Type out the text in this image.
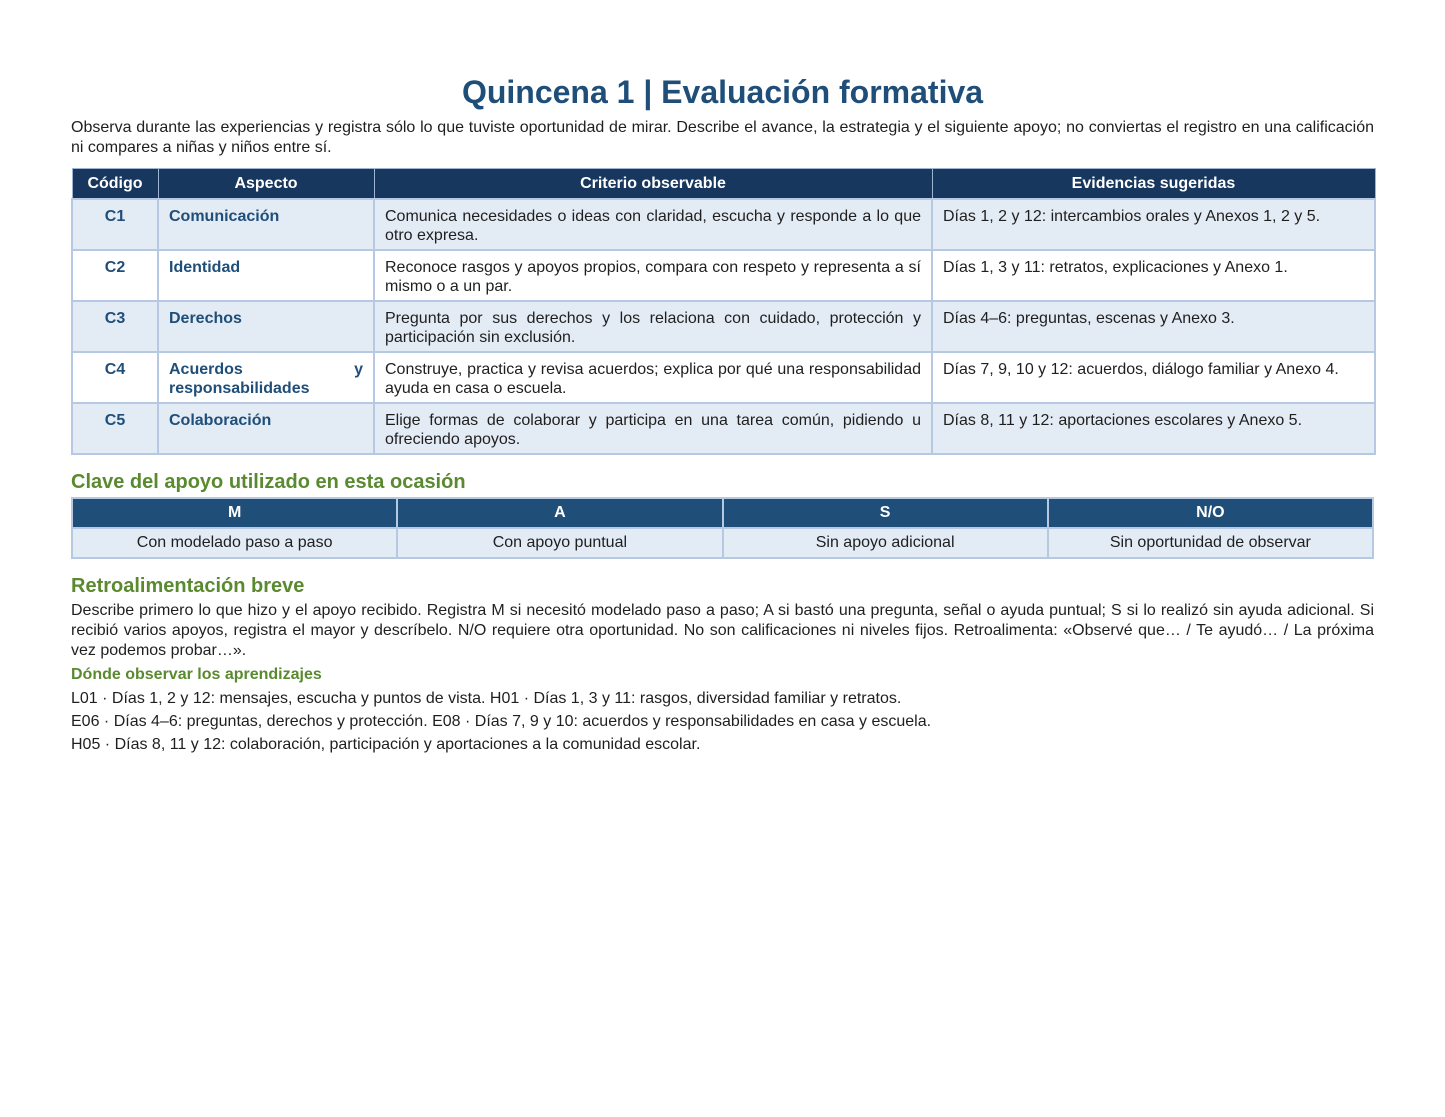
Quincena 1 | Evaluación formativa

Observa durante las experiencias y registra sólo lo que tuviste oportunidad de mirar. Describe el avance, la estrategia y el siguiente apoyo; no conviertas el registro en una calificación ni compares a niñas y niños entre sí.

Código	Aspecto	Criterio observable	Evidencias sugeridas
C1	Comunicación	Comunica necesidades o ideas con claridad, escucha y responde a lo que otro expresa.	Días 1, 2 y 12: intercambios orales y Anexos 1, 2 y 5.
C2	Identidad	Reconoce rasgos y apoyos propios, compara con respeto y representa a sí mismo o a un par.	Días 1, 3 y 11: retratos, explicaciones y Anexo 1.
C3	Derechos	Pregunta por sus derechos y los relaciona con cuidado, protección y participación sin exclusión.	Días 4–6: preguntas, escenas y Anexo 3.
C4	Acuerdos y responsabilidades	Construye, practica y revisa acuerdos; explica por qué una responsabilidad ayuda en casa o escuela.	Días 7, 9, 10 y 12: acuerdos, diálogo familiar y Anexo 4.
C5	Colaboración	Elige formas de colaborar y participa en una tarea común, pidiendo u ofreciendo apoyos.	Días 8, 11 y 12: aportaciones escolares y Anexo 5.
Clave del apoyo utilizado en esta ocasión
M	A	S	N/O
Con modelado paso a paso	Con apoyo puntual	Sin apoyo adicional	Sin oportunidad de observar
Retroalimentación breve

Describe primero lo que hizo y el apoyo recibido. Registra M si necesitó modelado paso a paso; A si bastó una pregunta, señal o ayuda puntual; S si lo realizó sin ayuda adicional. Si recibió varios apoyos, registra el mayor y descríbelo. N/O requiere otra oportunidad. No son calificaciones ni niveles fijos. Retroalimenta: «Observé que… / Te ayudó… / La próxima vez podemos probar…».

Dónde observar los aprendizajes

L01 · Días 1, 2 y 12: mensajes, escucha y puntos de vista. H01 · Días 1, 3 y 11: rasgos, diversidad familiar y retratos.

E06 · Días 4–6: preguntas, derechos y protección. E08 · Días 7, 9 y 10: acuerdos y responsabilidades en casa y escuela.

H05 · Días 8, 11 y 12: colaboración, participación y aportaciones a la comunidad escolar.
